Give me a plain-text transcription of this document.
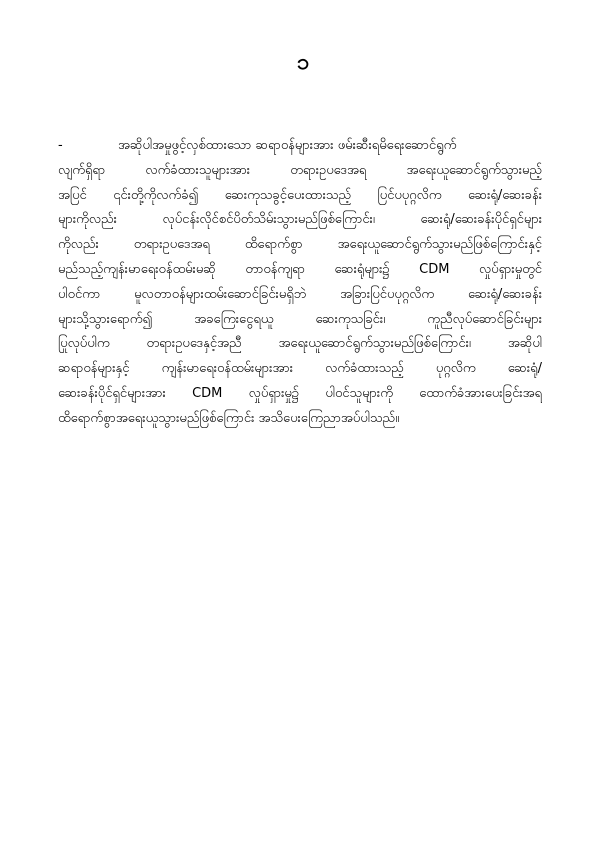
၁
-	အဆိုပါအမှုဖွင့်လှစ်ထားသော ဆရာဝန်များအား ဖမ်းဆီးရမိရေးဆောင်ရွက်
လျက်ရှိရာ လက်ခံထားသူများအား တရားဥပဒေအရ အရေးယူဆောင်ရွက်သွားမည့်
အပြင် ၎င်းတို့ကိုလက်ခံ၍ ဆေးကုသခွင့်ပေးထားသည့် ပြင်ပပုဂ္ဂလိက ဆေးရုံ/ဆေးခန်း
များကိုလည်း လုပ်ငန်းလိုင်စင်ပိတ်သိမ်းသွားမည်ဖြစ်ကြောင်း၊ ဆေးရုံ/ဆေးခန်းပိုင်ရှင်များ
ကိုလည်း တရားဥပဒေအရ ထိရောက်စွာ အရေးယူဆောင်ရွက်သွားမည်ဖြစ်ကြောင်းနှင့်
မည်သည့်ကျန်းမာရေးဝန်ထမ်းမဆို တာဝန်ကျရာ ဆေးရုံများ၌ CDM လှုပ်ရှားမှုတွင်
ပါဝင်ကာ မူလတာဝန်များထမ်းဆောင်ခြင်းမရှိဘဲ အခြားပြင်ပပုဂ္ဂလိက ဆေးရုံ/ဆေးခန်း
များသို့သွားရောက်၍ အခကြေးငွေရယူ ဆေးကုသခြင်း၊ ကူညီလုပ်ဆောင်ခြင်းများ
ပြုလုပ်ပါက တရားဥပဒေနှင့်အညီ အရေးယူဆောင်ရွက်သွားမည်ဖြစ်ကြောင်း၊ အဆိုပါ
ဆရာဝန်များနှင့် ကျန်းမာရေးဝန်ထမ်းများအား လက်ခံထားသည့် ပုဂ္ဂလိက ဆေးရုံ/
ဆေးခန်းပိုင်ရှင်များအား CDM လှုပ်ရှားမှု၌ ပါဝင်သူများကို ထောက်ခံအားပေးခြင်းအရ
ထိရောက်စွာအရေးယူသွားမည်ဖြစ်ကြောင်း အသိပေးကြေညာအပ်ပါသည်။
